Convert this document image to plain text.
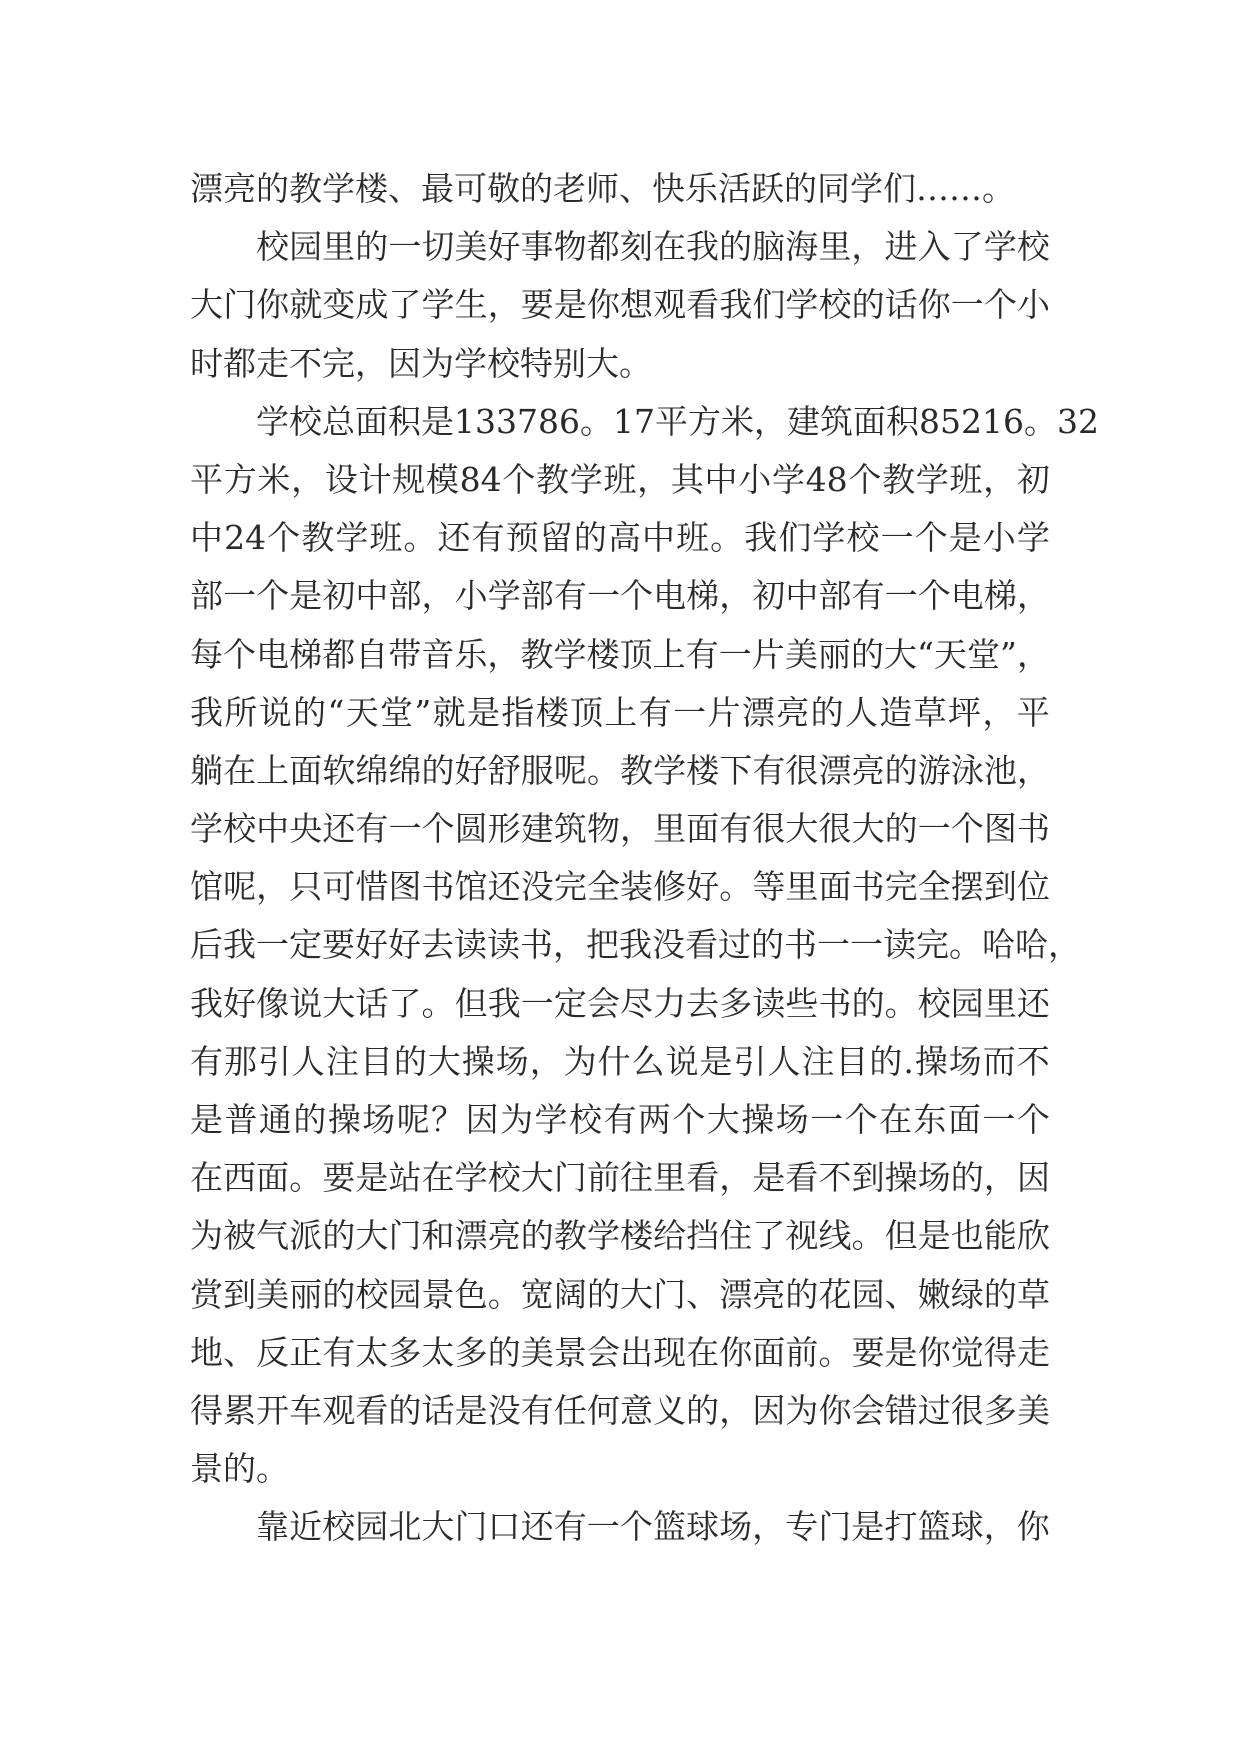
漂亮的教学楼、最可敬的老师、快乐活跃的同学们……。
校 园 里 的 一 切 美 好 事 物 都 刻 在 我 的 脑 海 里 ， 进 入 了 学 校
大 门 你 就 变 成 了 学 生 ， 要 是 你 想 观 看 我 们 学 校 的 话 你 一 个 小
时都走不完，因为学校特别大。
学 校 总 面 积 是 133786 。 17 平 方 米 ， 建 筑 面 积 85216 。 32
平 方 米 ， 设 计 规 模 84 个 教 学 班 ， 其 中 小 学 48 个 教 学 班 ， 初
中 24 个 教 学 班 。 还 有 预 留 的 高 中 班 。 我 们 学 校 一 个 是 小 学
部 一 个 是 初 中 部 ， 小 学 部 有 一 个 电 梯 ， 初 中 部 有 一 个 电 梯 ，
每 个 电 梯 都 自 带 音 乐 ， 教 学 楼 顶 上 有 一 片 美 丽 的 大 “ 天 堂 ” ，
我 所 说 的 “ 天 堂 ” 就 是 指 楼 顶 上 有 一 片 漂 亮 的 人 造 草 坪 ， 平
躺 在 上 面 软 绵 绵 的 好 舒 服 呢 。 教 学 楼 下 有 很 漂 亮 的 游 泳 池 ，
学 校 中 央 还 有 一 个 圆 形 建 筑 物 ， 里 面 有 很 大 很 大 的 一 个 图 书
馆 呢 ， 只 可 惜 图 书 馆 还 没 完 全 装 修 好 。 等 里 面 书 完 全 摆 到 位
后 我 一 定 要 好 好 去 读 读 书 ， 把 我 没 看 过 的 书 一 一 读 完 。 哈 哈 ，
我 好 像 说 大 话 了 。 但 我 一 定 会 尽 力 去 多 读 些 书 的 。 校 园 里 还
有 那 引 人 注 目 的 大 操 场 ， 为 什 么 说 是 引 人 注 目 的 . 操 场 而 不
是 普 通 的 操 场 呢 ？ 因 为 学 校 有 两 个 大 操 场 一 个 在 东 面 一 个
在 西 面 。 要 是 站 在 学 校 大 门 前 往 里 看 ， 是 看 不 到 操 场 的 ， 因
为 被 气 派 的 大 门 和 漂 亮 的 教 学 楼 给 挡 住 了 视 线 。 但 是 也 能 欣
赏 到 美 丽 的 校 园 景 色 。 宽 阔 的 大 门 、 漂 亮 的 花 园 、 嫩 绿 的 草
地 、 反 正 有 太 多 太 多 的 美 景 会 出 现 在 你 面 前 。 要 是 你 觉 得 走
得 累 开 车 观 看 的 话 是 没 有 任 何 意 义 的 ， 因 为 你 会 错 过 很 多 美
景的。
靠 近 校 园 北 大 门 口 还 有 一 个 篮 球 场 ， 专 门 是 打 篮 球 ， 你
